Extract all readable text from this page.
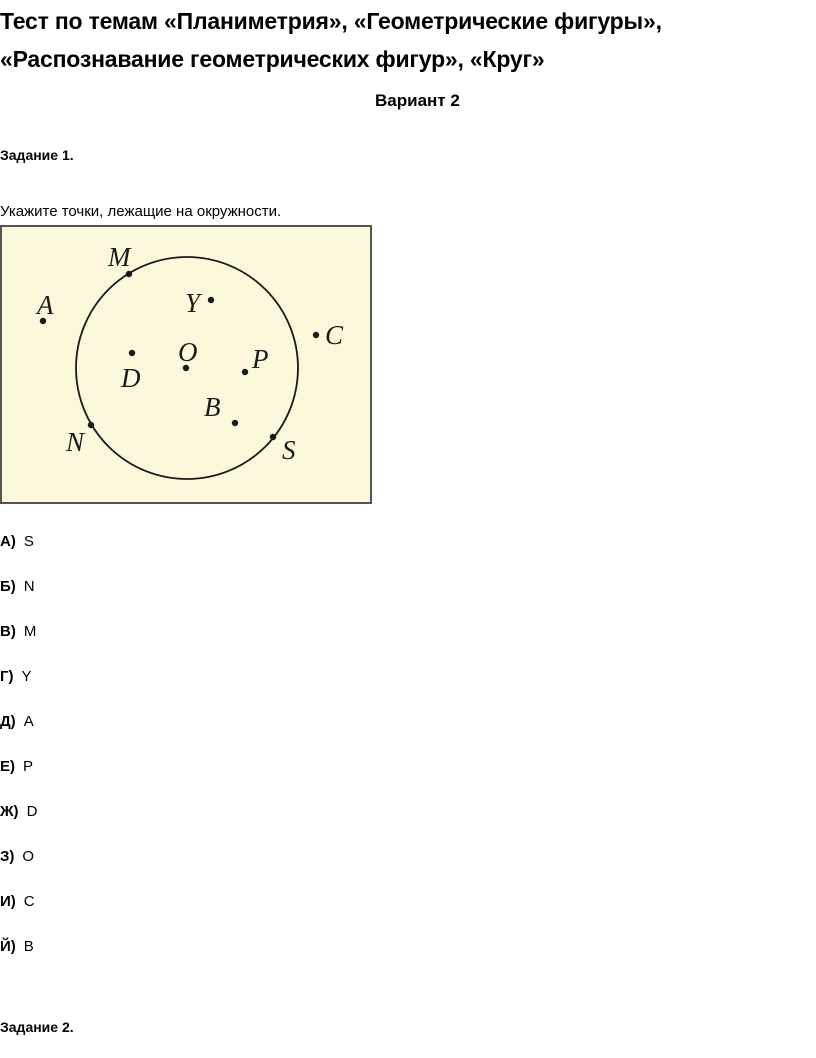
Тест по темам «Планиметрия», «Геометрические фигуры», «Распознавание геометрических фигур», «Круг»
Вариант 2
Задание 1.
Укажите точки, лежащие на окружности.
M
Y
A
C
O P
D
B
N	S
А) S
Б) N
В) M
Г) Y
Д) A
Е) P
Ж) D
З) O
И) C
Й) B
Задание 2.
